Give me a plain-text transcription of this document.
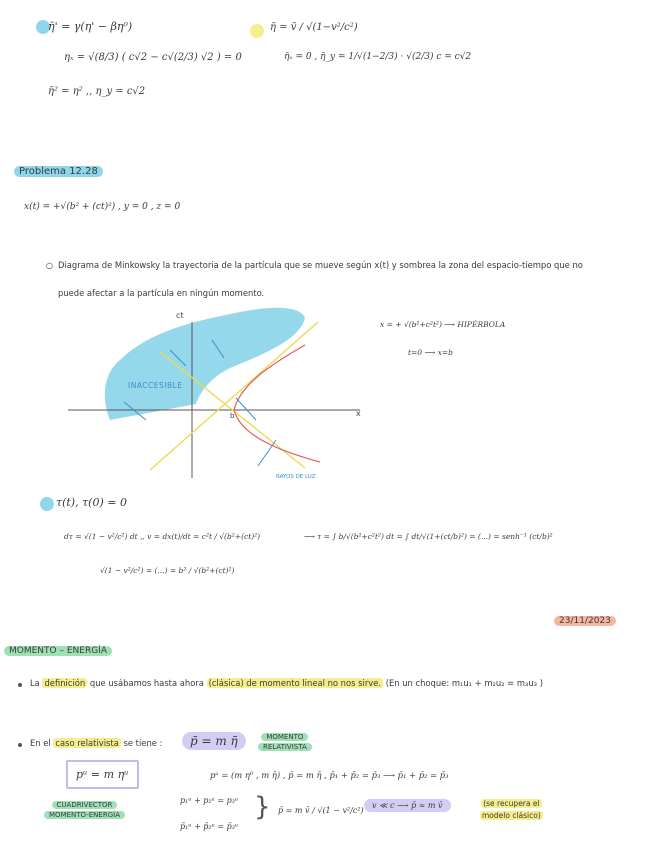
η̄' = γ(η' − βη⁰)
ηₓ = √(8/3) ( c√2 − c√(2/3) √2 ) = 0
η̄² = η² ,, η_y = c√2
η̄ = v̄ / √(1−v²/c²)
η̄ₓ = 0 , η̄_y = 1/√(1−2/3) · √(2/3) c = c√2
Problema 12.28
x(t) = +√(b² + (ct)²) , y = 0 , z = 0
○ Diagrama de Minkowsky la trayectoria de la partícula que se mueve según x(t) y sombrea la zona del espacio-tiempo que no
puede afectar a la partícula en ningún momento.
ct
x
b
INACCESIBLE
RAYOS DE LUZ
x = + √(b²+c²t²) ⟶ HIPÉRBOLA
t=0 ⟶ x=b
τ(t), τ(0) = 0
dτ = √(1 − v²/c²) dt ,, v = dx(t)/dt = c²t / √(b²+(ct)²)	⟶ τ = ∫ b/√(b²+c²t²) dt = ∫ dt/√(1+(ct/b)²) = (...) = senh⁻¹ (ct/b)²
√(1 − v²/c²) = (...) = b² / √(b²+(ct)²)
23/11/2023
MOMENTO – ENERGÍA
La definición que usábamos hasta ahora (clásica) de momento lineal no nos sirve. (En un choque: m₁u₁ + m₂u₂ = m₃u₃ )
En el caso relativista se tiene :	p̄ = m η̄	MOMENTO
RELATIVISTA
pᵘ = m ηᵘ
CUADRIVECTOR
MOMENTO-ENERGÍA
pᵘ = (m η⁰ , m η̄) , p̄ = m η̄ , p̄₁ + p̄₂ = p̄₃ ⟶ p̄₁ + p̄₂ = p̄₃
p₁ᵘ + p₂ᵘ = p₃ᵘ
p̄₁ᵘ + p̄₂ᵘ = p̄₃ᵘ
} p̄ = m v̄ / √(1 − v²/c²)
v ≪ c ⟶ p̄ ≈ m v̄	(se recupera el
modelo clásico)
